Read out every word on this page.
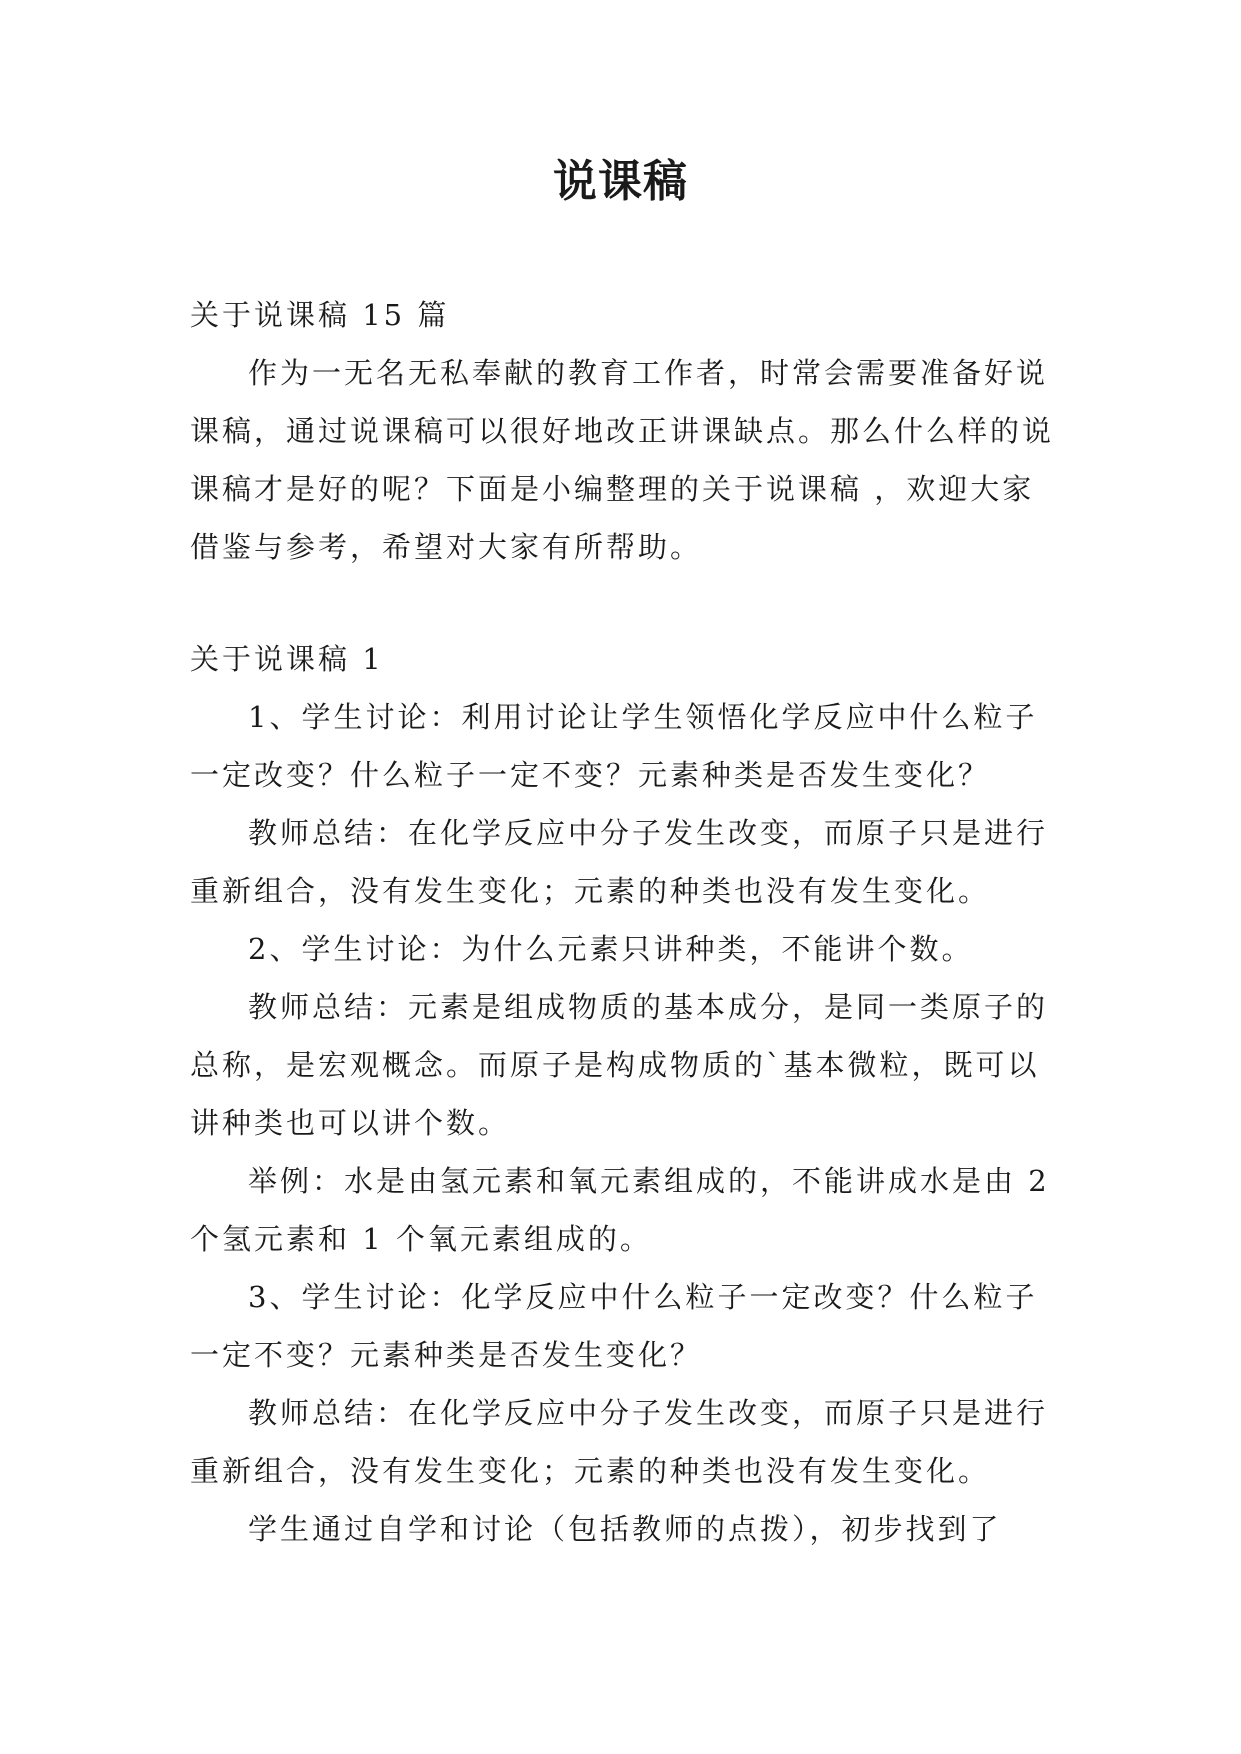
说课稿

关于说课稿 15 篇

作为一无名无私奉献的教育工作者，时常会需要准备好说课稿，通过说课稿可以很好地改正讲课缺点。那么什么样的说课稿才是好的呢？下面是小编整理的关于说课稿 ，欢迎大家借鉴与参考，希望对大家有所帮助。

关于说课稿 1

1、学生讨论：利用讨论让学生领悟化学反应中什么粒子一定改变？什么粒子一定不变？元素种类是否发生变化？

教师总结：在化学反应中分子发生改变，而原子只是进行重新组合，没有发生变化；元素的种类也没有发生变化。

2、学生讨论：为什么元素只讲种类，不能讲个数。

教师总结：元素是组成物质的基本成分，是同一类原子的总称，是宏观概念。而原子是构成物质的`基本微粒，既可以讲种类也可以讲个数。

举例：水是由氢元素和氧元素组成的，不能讲成水是由 2 个氢元素和 1 个氧元素组成的。

3、学生讨论：化学反应中什么粒子一定改变？什么粒子一定不变？元素种类是否发生变化？

教师总结：在化学反应中分子发生改变，而原子只是进行重新组合，没有发生变化；元素的种类也没有发生变化。

学生通过自学和讨论（包括教师的点拨），初步找到了
